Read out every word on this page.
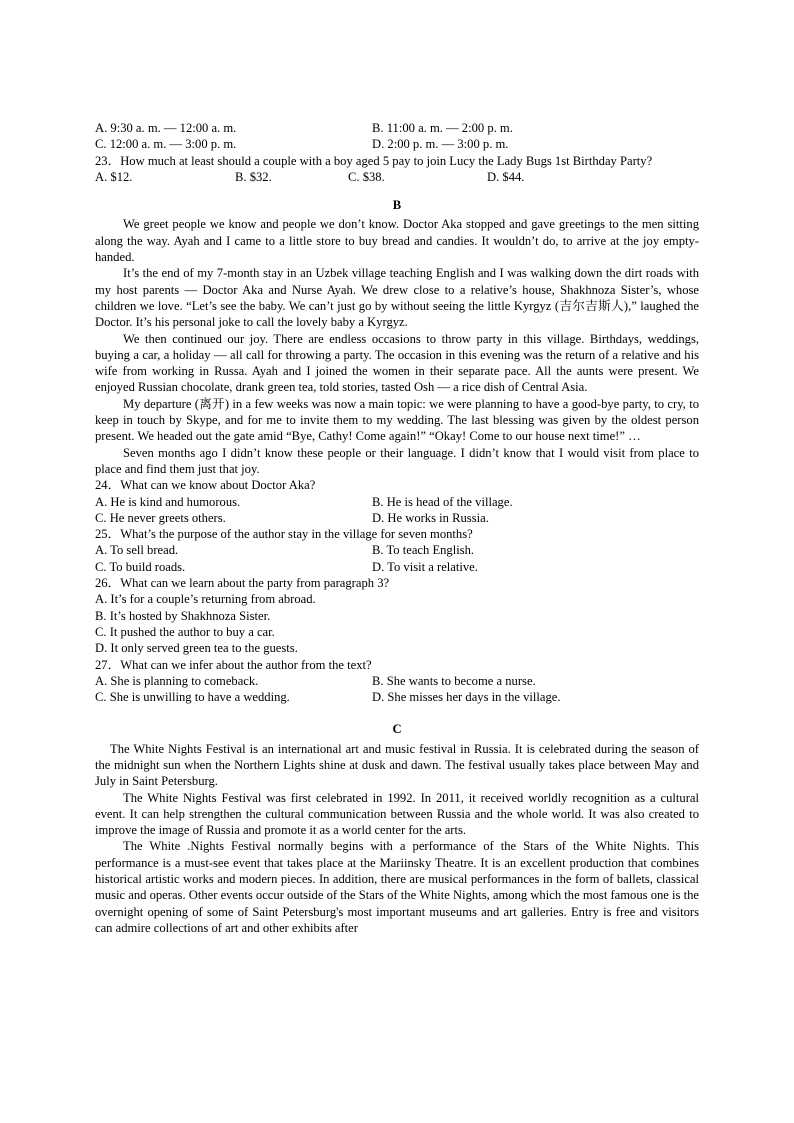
A. 9:30 a. m. — 12:00 a. m.	B. 11:00 a. m. — 2:00 p. m.
C. 12:00 a. m. — 3:00 p. m.	D. 2:00 p. m. — 3:00 p. m.
23．How much at least should a couple with a boy aged 5 pay to join Lucy the Lady Bugs 1st Birthday Party?
A. $12.	B. $32.	C. $38.	D. $44.
B
We greet people we know and people we don’t know. Doctor Aka stopped and gave greetings to the men sitting along the way. Ayah and I came to a little store to buy bread and candies. It wouldn’t do, to arrive at the joy empty-handed.
It’s the end of my 7-month stay in an Uzbek village teaching English and I was walking down the dirt roads with my host parents — Doctor Aka and Nurse Ayah. We drew close to a relative’s house, Shakhnoza Sister’s, whose children we love. “Let’s see the baby. We can’t just go by without seeing the little Kyrgyz (吉尔吉斯人),” laughed the Doctor. It’s his personal joke to call the lovely baby a Kyrgyz.
We then continued our joy. There are endless occasions to throw party in this village. Birthdays, weddings, buying a car, a holiday — all call for throwing a party. The occasion in this evening was the return of a relative and his wife from working in Russa. Ayah and I joined the women in their separate pace. All the aunts were present. We enjoyed Russian chocolate, drank green tea, told stories, tasted Osh — a rice dish of Central Asia.
My departure (离开) in a few weeks was now a main topic: we were planning to have a good-bye party, to cry, to keep in touch by Skype, and for me to invite them to my wedding. The last blessing was given by the oldest person present. We headed out the gate amid “Bye, Cathy! Come again!” “Okay! Come to our house next time!” …
Seven months ago I didn’t know these people or their language. I didn’t know that I would visit from place to place and find them just that joy.
24．What can we know about Doctor Aka?
A. He is kind and humorous.	B. He is head of the village.
C. He never greets others.	D. He works in Russia.
25．What’s the purpose of the author stay in the village for seven months?
A. To sell bread.	B. To teach English.
C. To build roads.	D. To visit a relative.
26．What can we learn about the party from paragraph 3?
A. It’s for a couple’s returning from abroad.
B. It’s hosted by Shakhnoza Sister.
C. It pushed the author to buy a car.
D. It only served green tea to the guests.
27．What can we infer about the author from the text?
A. She is planning to comeback.	B. She wants to become a nurse.
C. She is unwilling to have a wedding.	D. She misses her days in the village.
C
The White Nights Festival is an international art and music festival in Russia. It is celebrated during the season of the midnight sun when the Northern Lights shine at dusk and dawn. The festival usually takes place between May and July in Saint Petersburg.
The White Nights Festival was first celebrated in 1992. In 2011, it received worldly recognition as a cultural event. It can help strengthen the cultural communication between Russia and the whole world. It was also created to improve the image of Russia and promote it as a world center for the arts.
The White .Nights Festival normally begins with a performance of the Stars of the White Nights. This performance is a must-see event that takes place at the Mariinsky Theatre. It is an excellent production that combines historical artistic works and modern pieces. In addition, there are musical performances in the form of ballets, classical music and operas. Other events occur outside of the Stars of the White Nights, among which the most famous one is the overnight opening of some of Saint Petersburg's most important museums and art galleries. Entry is free and visitors can admire collections of art and other exhibits after
